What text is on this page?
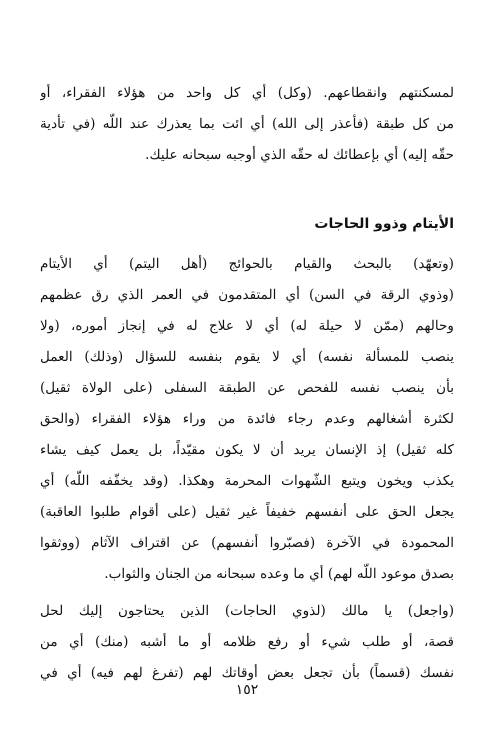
لمسكنتهم وانقطاعهم. (وكل) أي كل واحد من هؤلاء الفقراء، أو
من كل طبقة (فأعذر إلى الله) أي ائت بما يعذرك عند اللّه (في تأدية
حقّه إليه) أي بإعطائك له حقّه الذي أوجبه سبحانه عليك.

الأيتام وذوو الحاجات

(وتعهّد) بالبحث والقيام بالحوائج (أهل اليتم) أي الأيتام
(وذوي الرقة في السن) أي المتقدمون في العمر الذي رق عظمهم
وحالهم (ممّن لا حيلة له) أي لا علاج له في إنجاز أموره، (ولا
ينصب للمسألة نفسه) أي لا يقوم بنفسه للسؤال (وذلك) العمل
بأن ينصب نفسه للفحص عن الطبقة السفلى (على الولاة ثقيل)
لكثرة أشغالهم وعدم رجاء فائدة من وراء هؤلاء الفقراء (والحق
كله ثقيل) إذ الإنسان يريد أن لا يكون مقيّداً، بل يعمل كيف يشاء
يكذب ويخون ويتبع الشّهوات المحرمة وهكذا. (وقد يخفّفه اللّه) أي
يجعل الحق على أنفسهم خفيفاً غير ثقيل (على أقوام طلبوا العاقبة)
المحمودة في الآخرة (فصبّروا أنفسهم) عن اقتراف الآثام (ووثقوا
بصدق موعود اللّه لهم) أي ما وعده سبحانه من الجنان والثواب.

(واجعل) يا مالك (لذوي الحاجات) الذين يحتاجون إليك لحل
قصة، أو طلب شيء أو رفع ظلامه أو ما أشبه (منك) أي من
نفسك (قسماً) بأن تجعل بعض أوقاتك لهم (تفرغ لهم فيه) أي في

١٥٢
